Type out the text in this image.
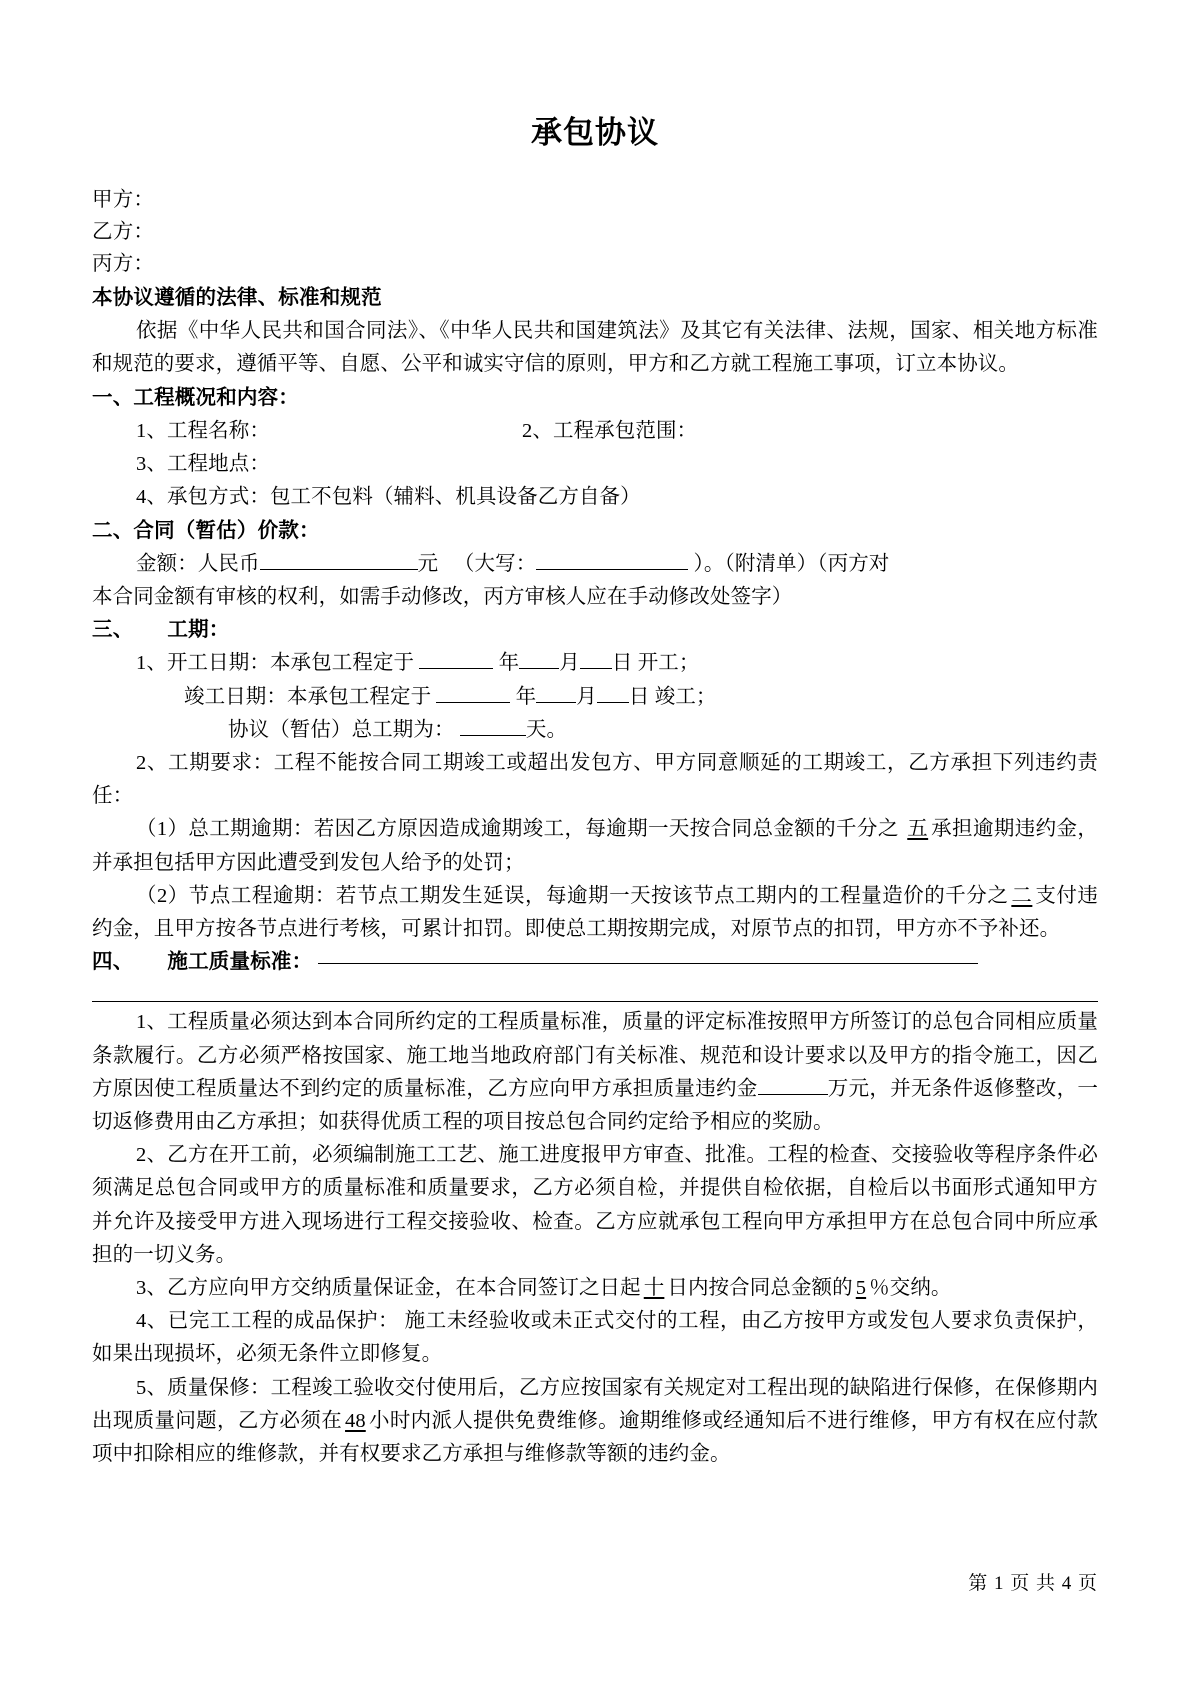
承包协议

甲方：

乙方：

丙方：

本协议遵循的法律、标准和规范

依据《中华人民共和国合同法》、《中华人民共和国建筑法》及其它有关法律、法规，国家、相关地方标准和规范的要求，遵循平等、自愿、公平和诚实守信的原则，甲方和乙方就工程施工事项，订立本协议。

一、工程概况和内容：

1、工程名称：	2、工程承包范围：

3、工程地点：

4、承包方式：包工不包料（辅料、机具设备乙方自备）

二、合同（暂估）价款：

金额：人民币	元 （大写：	）。（附清单）（丙方对

本合同金额有审核的权利，如需手动修改，丙方审核人应在手动修改处签字）

三、 工期：

1、开工日期：本承包工程定于	年 月 日 开工；

竣工日期：本承包工程定于	年 月 日 竣工；

协议（暂估）总工期为：	天。

2、工期要求：工程不能按合同工期竣工或超出发包方、甲方同意顺延的工期竣工，乙方承担下列违约责任：

（1）总工期逾期：若因乙方原因造成逾期竣工，每逾期一天按合同总金额的千分之 五 承担逾期违约金，并承担包括甲方因此遭受到发包人给予的处罚；

（2）节点工程逾期：若节点工期发生延误，每逾期一天按该节点工期内的工程量造价的千分之 二 支付违约金，且甲方按各节点进行考核，可累计扣罚。即使总工期按期完成，对原节点的扣罚，甲方亦不予补还。

四、 施工质量标准：

1、工程质量必须达到本合同所约定的工程质量标准，质量的评定标准按照甲方所签订的总包合同相应质量条款履行。乙方必须严格按国家、施工地当地政府部门有关标准、规范和设计要求以及甲方的指令施工，因乙方原因使工程质量达不到约定的质量标准，乙方应向甲方承担质量违约金	万元，并无条件返修整改，一切返修费用由乙方承担；如获得优质工程的项目按总包合同约定给予相应的奖励。

2、乙方在开工前，必须编制施工工艺、施工进度报甲方审查、批准。工程的检查、交接验收等程序条件必须满足总包合同或甲方的质量标准和质量要求，乙方必须自检，并提供自检依据，自检后以书面形式通知甲方并允许及接受甲方进入现场进行工程交接验收、检查。乙方应就承包工程向甲方承担甲方在总包合同中所应承担的一切义务。

3、乙方应向甲方交纳质量保证金，在本合同签订之日起 十 日内按合同总金额的 5 ％交纳。

4、已完工工程的成品保护： 施工未经验收或未正式交付的工程，由乙方按甲方或发包人要求负责保护，如果出现损坏，必须无条件立即修复。

5、质量保修：工程竣工验收交付使用后，乙方应按国家有关规定对工程出现的缺陷进行保修，在保修期内出现质量问题，乙方必须在 48 小时内派人提供免费维修。逾期维修或经通知后不进行维修，甲方有权在应付款项中扣除相应的维修款，并有权要求乙方承担与维修款等额的违约金。

第 1 页 共 4 页
